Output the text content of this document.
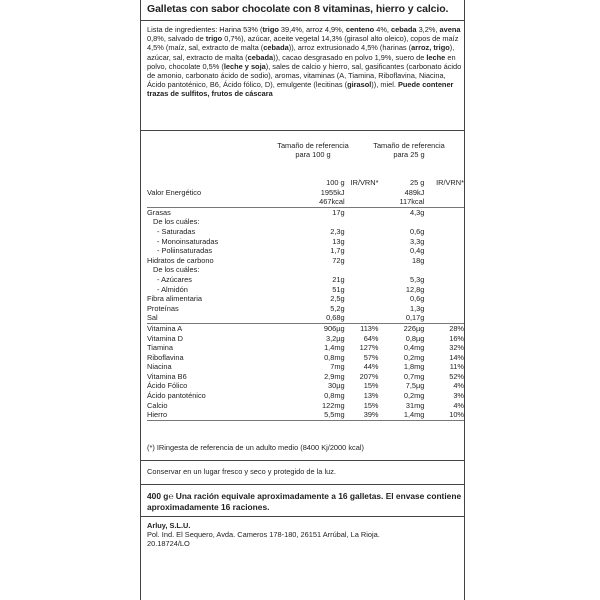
Galletas con sabor chocolate con 8 vitaminas, hierro y calcio.
Lista de ingredientes: Harina 53% (trigo 39,4%, arroz 4,9%, centeno 4%, cebada 3,2%, avena 0,8%, salvado de trigo 0,7%), azúcar, aceite vegetal 14,3% (girasol alto oleico), copos de maíz 4,5% (maíz, sal, extracto de malta (cebada)), arroz extrusionado 4,5% (harinas (arroz, trigo), azúcar, sal, extracto de malta (cebada)), cacao desgrasado en polvo 1,9%, suero de leche en polvo, chocolate 0,5% (leche y soja), sales de calcio y hierro, sal, gasificantes (carbonato ácido de amonio, carbonato ácido de sodio), aromas, vitaminas (A, Tiamina, Riboflavina, Niacina, Ácido pantoténico, B6, Ácido fólico, D), emulgente (lecitinas (girasol)), miel. Puede contener trazas de sulfitos, frutos de cáscara
Tamaño de referencia para 100 g
Tamaño de referencia para 25 g
	100 g	IR/VRN*	25 g	IR/VRN*
Valor Energético	1955kJ		489kJ	
	467kcal		117kcal	
Grasas	17g		4,3g	
De los cuáles:				
- Saturadas	2,3g		0,6g	
- Monoinsaturadas	13g		3,3g	
- Poliinsaturadas	1,7g		0,4g	
Hidratos de carbono	72g		18g	
De los cuáles:				
- Azúcares	21g		5,3g	
- Almidón	51g		12,8g	
Fibra alimentaria	2,5g		0,6g	
Proteínas	5,2g		1,3g	
Sal	0,68g		0,17g	
Vitamina A	906µg	113%	226µg	28%
Vitamina D	3,2µg	64%	0,8µg	16%
Tiamina	1,4mg	127%	0,4mg	32%
Riboflavina	0,8mg	57%	0,2mg	14%
Niacina	7mg	44%	1,8mg	11%
Vitamina B6	2,9mg	207%	0,7mg	52%
Ácido Fólico	30µg	15%	7,5µg	4%
Ácido pantoténico	0,8mg	13%	0,2mg	3%
Calcio	122mg	15%	31mg	4%
Hierro	5,5mg	39%	1,4mg	10%
(*) IRingesta de referencia de un adulto medio (8400 Kj/2000 kcal)
Conservar en un lugar fresco y seco y protegido de la luz.
400 g℮ Una ración equivale aproximadamente a 16 galletas. El envase contiene aproximadamente 16 raciones.
Arluy, S.L.U.
Pol. Ind. El Sequero, Avda. Cameros 178-180, 26151 Arrúbal, La Rioja.
20.18724/LO
